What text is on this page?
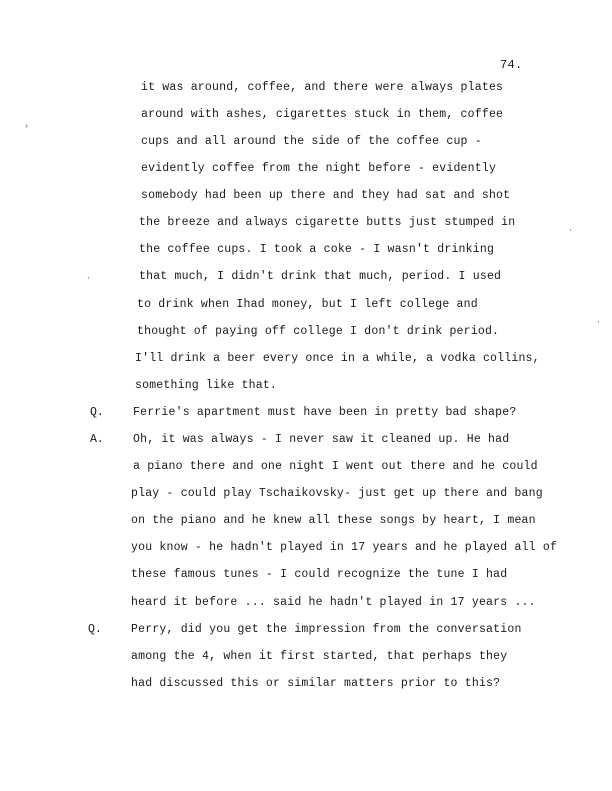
74.
it was around, coffee, and there were always plates
around with ashes, cigarettes stuck in them, coffee
cups and all around the side of the coffee cup -
evidently coffee from the night before - evidently
somebody had been up there and they had sat and shot
the breeze and always cigarette butts just stumped in
the coffee cups. I took a coke - I wasn't drinking
that much, I didn't drink that much, period. I used
to drink when Ihad money, but I left college and
thought of paying off college I don't drink period.
I'll drink a beer every once in a while, a vodka collins,
something like that.
Q.	Ferrie's apartment must have been in pretty bad shape?
A.	Oh, it was always - I never saw it cleaned up. He had
a piano there and one night I went out there and he could
play - could play Tschaikovsky- just get up there and bang
on the piano and he knew all these songs by heart, I mean
you know - he hadn't played in 17 years and he played all of
these famous tunes - I could recognize the tune I had
heard it before ... said he hadn't played in 17 years ...
Q.	Perry, did you get the impression from the conversation
among the 4, when it first started, that perhaps they
had discussed this or similar matters prior to this?
›
·
·
·
